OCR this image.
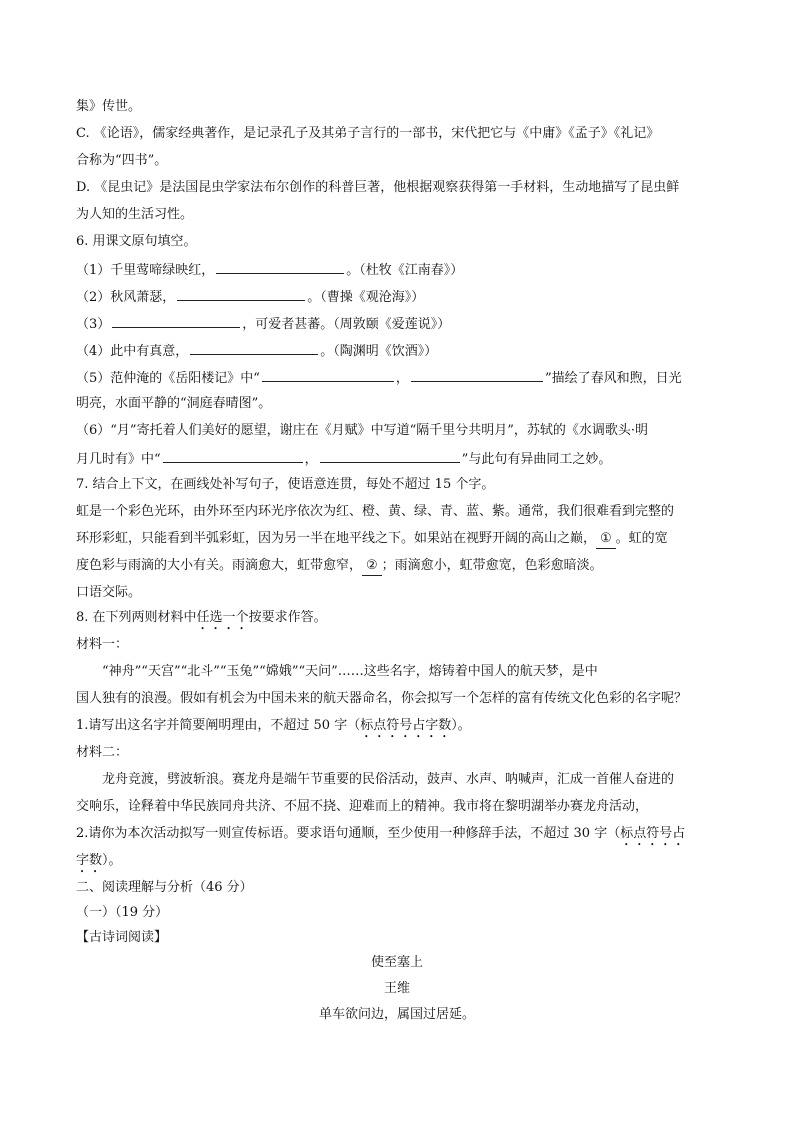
集》传世。
C. 《论语》，儒家经典著作，是记录孔子及其弟子言行的一部书，宋代把它与《中庸》《孟子》《礼记》
合称为“四书”。
D. 《昆虫记》是法国昆虫学家法布尔创作的科普巨著，他根据观察获得第一手材料，生动地描写了昆虫鲜
为人知的生活习性。
6. 用课文原句填空。
（1）千里莺啼绿映红，	。（杜牧《江南春》）
（2）秋风萧瑟，	。（曹操《观沧海》）
（3）	，可爱者甚蕃。（周敦颐《爱莲说》）
（4）此中有真意，	。（陶渊明《饮酒》）
（5）范仲淹的《岳阳楼记》中“	，	”描绘了春风和煦，日光
明亮，水面平静的“洞庭春晴图”。
（6）“月”寄托着人们美好的愿望，谢庄在《月赋》中写道“隔千里兮共明月”，苏轼的《水调歌头·明
月几时有》中“	，	”与此句有异曲同工之妙。
7. 结合上下文，在画线处补写句子，使语意连贯，每处不超过 15 个字。
虹是一个彩色光环，由外环至内环光序依次为红、橙、黄、绿、青、蓝、紫。通常，我们很难看到完整的
环形彩虹，只能看到半弧彩虹，因为另一半在地平线之下。如果站在视野开阔的高山之巅， ① 。虹的宽
度色彩与雨滴的大小有关。雨滴愈大，虹带愈窄， ② ；雨滴愈小，虹带愈宽，色彩愈暗淡。
口语交际。
8. 在下列两则材料中任选一个按要求作答。
材料一：
“神舟”“天宫”“北斗”“玉兔”“嫦娥”“天问”……这些名字，熔铸着中国人的航天梦，是中
国人独有的浪漫。假如有机会为中国未来的航天器命名，你会拟写一个怎样的富有传统文化色彩的名字呢？
1.请写出这名字并简要阐明理由，不超过 50 字（标点符号占字数）。
材料二：
龙舟竞渡，劈波斩浪。赛龙舟是端午节重要的民俗活动，鼓声、水声、呐喊声，汇成一首催人奋进的
交响乐，诠释着中华民族同舟共济、不屈不挠、迎难而上的精神。我市将在黎明湖举办赛龙舟活动，
2.请你为本次活动拟写一则宣传标语。要求语句通顺，至少使用一种修辞手法，不超过 30 字（标点符号占
字数）。
二、阅读理解与分析（46 分）
（一）（19 分）
【古诗词阅读】
使至塞上
王维
单车欲问边，属国过居延。
